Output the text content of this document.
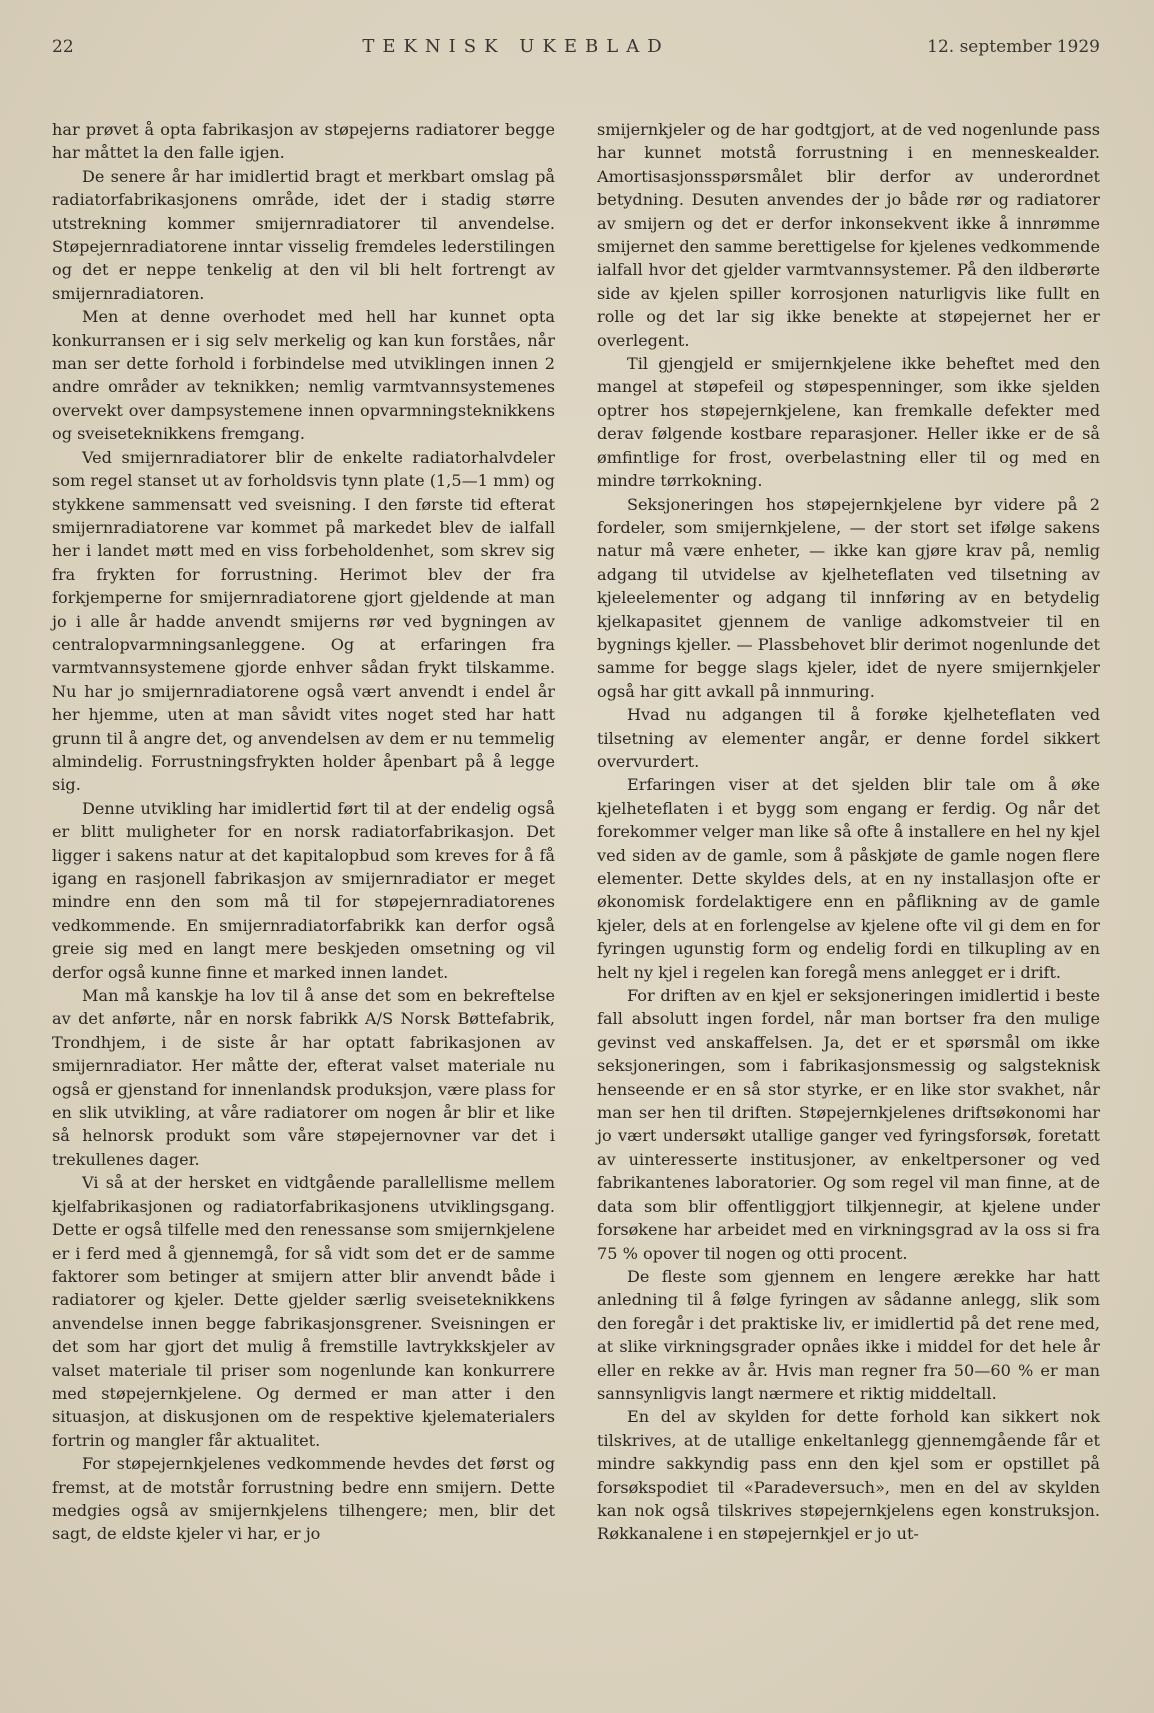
22	TEKNISK UKEBLAD	12. september 1929

har prøvet å opta fabrikasjon av støpejerns radiatorer begge har måttet la den falle igjen.

De senere år har imidlertid bragt et merkbart omslag på radiatorfabrikasjonens område, idet der i stadig større utstrekning kommer smijernradiatorer til anvendelse. Støpejernradiatorene inntar visselig fremdeles lederstilingen og det er neppe tenkelig at den vil bli helt fortrengt av smijernradiatoren.

Men at denne overhodet med hell har kunnet opta konkurransen er i sig selv merkelig og kan kun forståes, når man ser dette forhold i forbindelse med utviklingen innen 2 andre områder av teknikken; nemlig varmtvannsystemenes overvekt over dampsystemene innen opvarmningsteknikkens og sveiseteknikkens fremgang.

Ved smijernradiatorer blir de enkelte radiatorhalvdeler som regel stanset ut av forholdsvis tynn plate (1,5—1 mm) og stykkene sammensatt ved sveisning. I den første tid efterat smijernradiatorene var kommet på markedet blev de ialfall her i landet møtt med en viss forbeholdenhet, som skrev sig fra frykten for forrustning. Herimot blev der fra forkjemperne for smijernradiatorene gjort gjeldende at man jo i alle år hadde anvendt smijerns rør ved bygningen av centralopvarmningsanleggene. Og at erfaringen fra varmtvannsystemene gjorde enhver sådan frykt tilskamme. Nu har jo smijernradiatorene også vært anvendt i endel år her hjemme, uten at man såvidt vites noget sted har hatt grunn til å angre det, og anvendelsen av dem er nu temmelig almindelig. Forrustningsfrykten holder åpenbart på å legge sig.

Denne utvikling har imidlertid ført til at der endelig også er blitt muligheter for en norsk radiatorfabrikasjon. Det ligger i sakens natur at det kapitalopbud som kreves for å få igang en rasjonell fabrikasjon av smijernradiator er meget mindre enn den som må til for støpejernradiatorenes vedkommende. En smijernradiatorfabrikk kan derfor også greie sig med en langt mere beskjeden omsetning og vil derfor også kunne finne et marked innen landet.

Man må kanskje ha lov til å anse det som en bekreftelse av det anførte, når en norsk fabrikk A/S Norsk Bøttefabrik, Trondhjem, i de siste år har optatt fabrikasjonen av smijernradiator. Her måtte der, efterat valset materiale nu også er gjenstand for innenlandsk produksjon, være plass for en slik utvikling, at våre radiatorer om nogen år blir et like så helnorsk produkt som våre støpejernovner var det i trekullenes dager.

Vi så at der hersket en vidtgående parallellisme mellem kjelfabrikasjonen og radiatorfabrikasjonens utviklingsgang. Dette er også tilfelle med den renessanse som smijernkjelene er i ferd med å gjennemgå, for så vidt som det er de samme faktorer som betinger at smijern atter blir anvendt både i radiatorer og kjeler. Dette gjelder særlig sveiseteknikkens anvendelse innen begge fabrikasjonsgrener. Sveisningen er det som har gjort det mulig å fremstille lavtrykkskjeler av valset materiale til priser som nogenlunde kan konkurrere med støpejernkjelene. Og dermed er man atter i den situasjon, at diskusjonen om de respektive kjelematerialers fortrin og mangler får aktualitet.

For støpejernkjelenes vedkommende hevdes det først og fremst, at de motstår forrustning bedre enn smijern. Dette medgies også av smijernkjelens tilhengere; men, blir det sagt, de eldste kjeler vi har, er jo

smijernkjeler og de har godtgjort, at de ved nogenlunde pass har kunnet motstå forrustning i en menneskealder. Amortisasjonsspørsmålet blir derfor av underordnet betydning. Desuten anvendes der jo både rør og radiatorer av smijern og det er derfor inkonsekvent ikke å innrømme smijernet den samme berettigelse for kjelenes vedkommende ialfall hvor det gjelder varmtvannsystemer. På den ildberørte side av kjelen spiller korrosjonen naturligvis like fullt en rolle og det lar sig ikke benekte at støpejernet her er overlegent.

Til gjengjeld er smijernkjelene ikke beheftet med den mangel at støpefeil og støpespenninger, som ikke sjelden optrer hos støpejernkjelene, kan fremkalle defekter med derav følgende kostbare reparasjoner. Heller ikke er de så ømfintlige for frost, overbelastning eller til og med en mindre tørrkokning.

Seksjoneringen hos støpejernkjelene byr videre på 2 fordeler, som smijernkjelene, — der stort set ifølge sakens natur må være enheter, — ikke kan gjøre krav på, nemlig adgang til utvidelse av kjelheteflaten ved tilsetning av kjeleelementer og adgang til innføring av en betydelig kjelkapasitet gjennem de vanlige adkomstveier til en bygnings kjeller. — Plassbehovet blir derimot nogenlunde det samme for begge slags kjeler, idet de nyere smijernkjeler også har gitt avkall på innmuring.

Hvad nu adgangen til å forøke kjelheteflaten ved tilsetning av elementer angår, er denne fordel sikkert overvurdert.

Erfaringen viser at det sjelden blir tale om å øke kjelheteflaten i et bygg som engang er ferdig. Og når det forekommer velger man like så ofte å installere en hel ny kjel ved siden av de gamle, som å påskjøte de gamle nogen flere elementer. Dette skyldes dels, at en ny installasjon ofte er økonomisk fordelaktigere enn en påflikning av de gamle kjeler, dels at en forlengelse av kjelene ofte vil gi dem en for fyringen ugunstig form og endelig fordi en tilkupling av en helt ny kjel i regelen kan foregå mens anlegget er i drift.

For driften av en kjel er seksjoneringen imidlertid i beste fall absolutt ingen fordel, når man bortser fra den mulige gevinst ved anskaffelsen. Ja, det er et spørsmål om ikke seksjoneringen, som i fabrikasjonsmessig og salgsteknisk henseende er en så stor styrke, er en like stor svakhet, når man ser hen til driften. Støpejernkjelenes driftsøkonomi har jo vært undersøkt utallige ganger ved fyringsforsøk, foretatt av uinteresserte institusjoner, av enkeltpersoner og ved fabrikantenes laboratorier. Og som regel vil man finne, at de data som blir offentliggjort tilkjennegir, at kjelene under forsøkene har arbeidet med en virkningsgrad av la oss si fra 75 % opover til nogen og otti procent.

De fleste som gjennem en lengere ærekke har hatt anledning til å følge fyringen av sådanne anlegg, slik som den foregår i det praktiske liv, er imidlertid på det rene med, at slike virkningsgrader opnåes ikke i middel for det hele år eller en rekke av år. Hvis man regner fra 50—60 % er man sannsynligvis langt nærmere et riktig middeltall.

En del av skylden for dette forhold kan sikkert nok tilskrives, at de utallige enkeltanlegg gjennemgående får et mindre sakkyndig pass enn den kjel som er opstillet på forsøkspodiet til «Paradeversuch», men en del av skylden kan nok også tilskrives støpejernkjelens egen konstruksjon. Røkkanalene i en støpejernkjel er jo ut-
